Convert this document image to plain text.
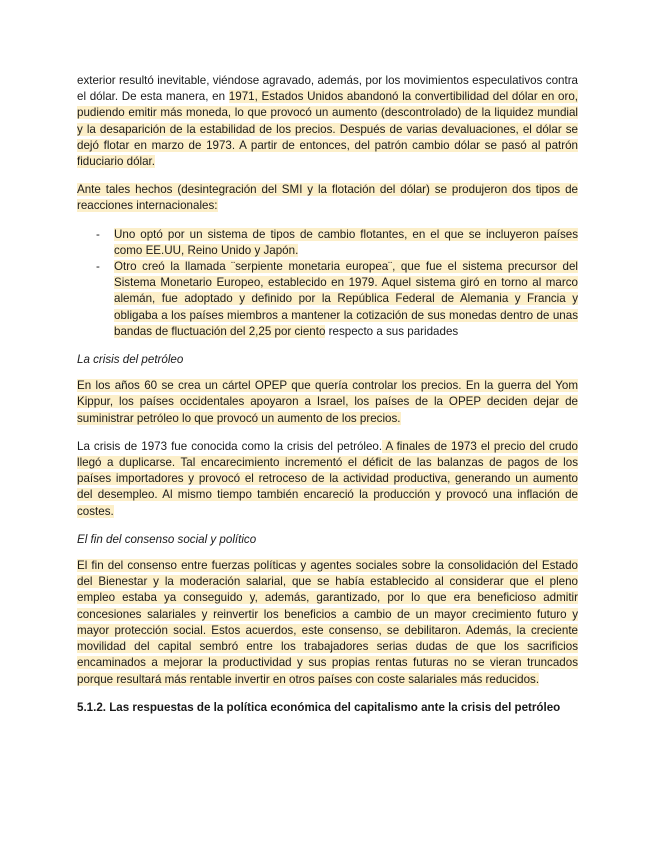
exterior resultó inevitable, viéndose agravado, además, por los movimientos especulativos contra el dólar. De esta manera, en 1971, Estados Unidos abandonó la convertibilidad del dólar en oro, pudiendo emitir más moneda, lo que provocó un aumento (descontrolado) de la liquidez mundial y la desaparición de la estabilidad de los precios. Después de varias devaluaciones, el dólar se dejó flotar en marzo de 1973. A partir de entonces, del patrón cambio dólar se pasó al patrón fiduciario dólar.

Ante tales hechos (desintegración del SMI y la flotación del dólar) se produjeron dos tipos de reacciones internacionales:

- Uno optó por un sistema de tipos de cambio flotantes, en el que se incluyeron países como EE.UU, Reino Unido y Japón.
- Otro creó la llamada ¨serpiente monetaria europea¨, que fue el sistema precursor del Sistema Monetario Europeo, establecido en 1979. Aquel sistema giró en torno al marco alemán, fue adoptado y definido por la República Federal de Alemania y Francia y obligaba a los países miembros a mantener la cotización de sus monedas dentro de unas bandas de fluctuación del 2,25 por ciento respecto a sus paridades

La crisis del petróleo

En los años 60 se crea un cártel OPEP que quería controlar los precios. En la guerra del Yom Kippur, los países occidentales apoyaron a Israel, los países de la OPEP deciden dejar de suministrar petróleo lo que provocó un aumento de los precios.

La crisis de 1973 fue conocida como la crisis del petróleo. A finales de 1973 el precio del crudo llegó a duplicarse. Tal encarecimiento incrementó el déficit de las balanzas de pagos de los países importadores y provocó el retroceso de la actividad productiva, generando un aumento del desempleo. Al mismo tiempo también encareció la producción y provocó una inflación de costes.

El fin del consenso social y político

El fin del consenso entre fuerzas políticas y agentes sociales sobre la consolidación del Estado del Bienestar y la moderación salarial, que se había establecido al considerar que el pleno empleo estaba ya conseguido y, además, garantizado, por lo que era beneficioso admitir concesiones salariales y reinvertir los beneficios a cambio de un mayor crecimiento futuro y mayor protección social. Estos acuerdos, este consenso, se debilitaron. Además, la creciente movilidad del capital sembró entre los trabajadores serias dudas de que los sacrificios encaminados a mejorar la productividad y sus propias rentas futuras no se vieran truncados porque resultará más rentable invertir en otros países con coste salariales más reducidos.

5.1.2. Las respuestas de la política económica del capitalismo ante la crisis del petróleo
